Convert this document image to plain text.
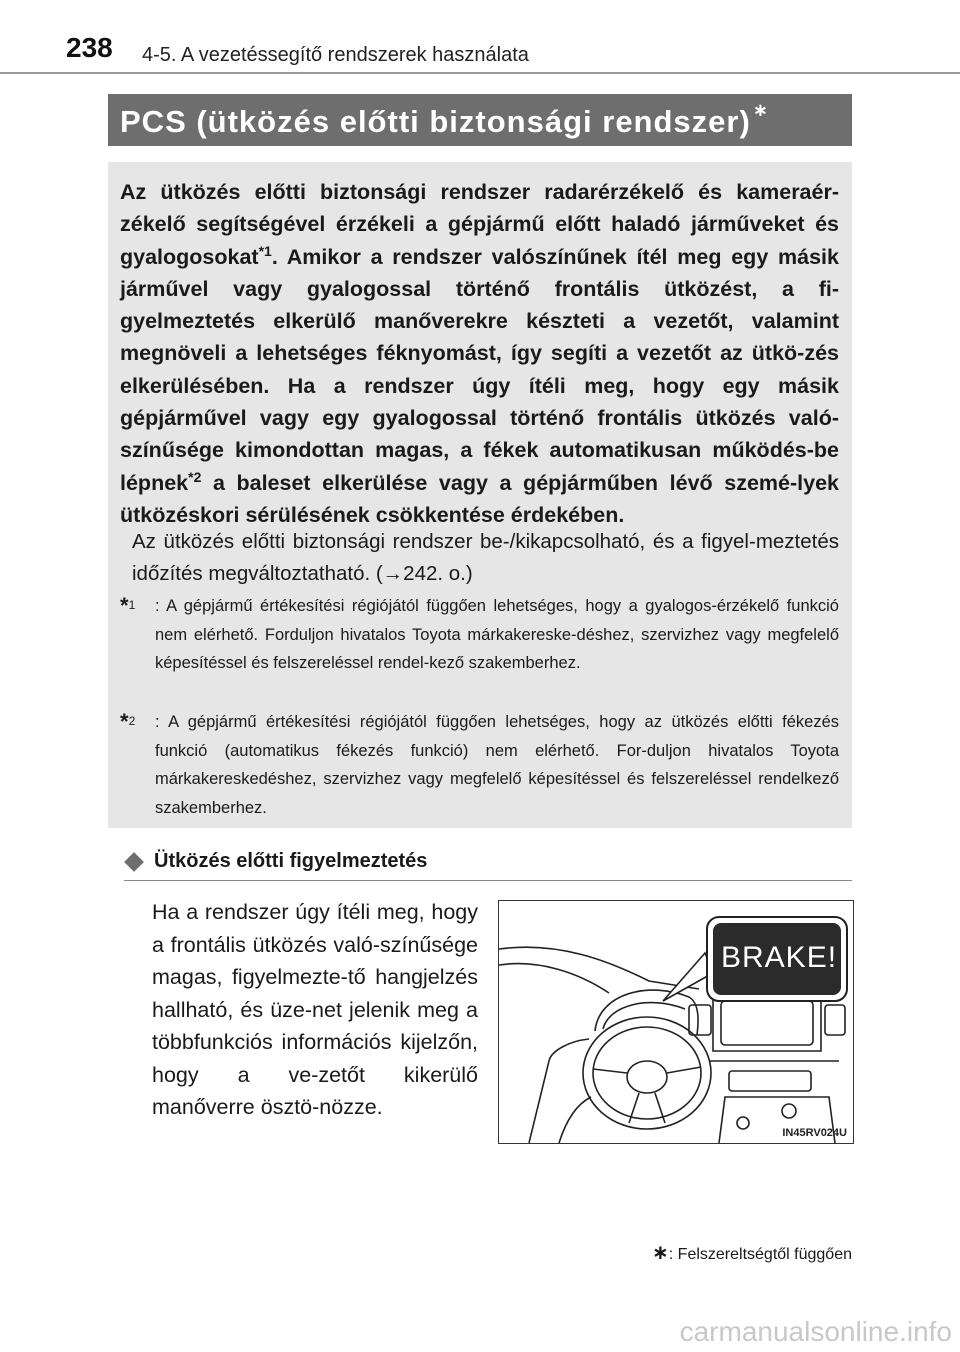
238 4-5. A vezetéssegítő rendszerek használata
PCS (ütközés előtti biztonsági rendszer) ∗
Az ütközés előtti biztonsági rendszer radarérzékelő és kameraér-zékelő segítségével érzékeli a gépjármű előtt haladó járműveket és gyalogosokat$^{*1}$. Amikor a rendszer valószínűnek ítél meg egy másik járművel vagy gyalogossal történő frontális ütközést, a fi-gyelmeztetés elkerülő manőverekre készteti a vezetőt, valamint megnöveli a lehetséges féknyomást, így segíti a vezetőt az ütkö-zés elkerülésében. Ha a rendszer úgy ítéli meg, hogy egy másik gépjárművel vagy egy gyalogossal történő frontális ütközés való-színűsége kimondottan magas, a fékek automatikusan működés-be lépnek$^{*2}$ a baleset elkerülése vagy a gépjárműben lévő szemé-lyek ütközéskori sérülésének csökkentése érdekében.
Az ütközés előtti biztonsági rendszer be-/kikapcsolható, és a figyel-meztetés időzítés megváltoztatható. (→242. o.)
*$^1$	: A gépjármű értékesítési régiójától függően lehetséges, hogy a gyalogos-érzékelő funkció nem elérhető. Forduljon hivatalos Toyota márkakereske-déshez, szervizhez vagy megfelelő képesítéssel és felszereléssel rendel-kező szakemberhez.
*$^2$	: A gépjármű értékesítési régiójától függően lehetséges, hogy az ütközés előtti fékezés funkció (automatikus fékezés funkció) nem elérhető. For-duljon hivatalos Toyota márkakereskedéshez, szervizhez vagy megfelelő képesítéssel és felszereléssel rendelkező szakemberhez.
Ütközés előtti figyelmeztetés
Ha a rendszer úgy ítéli meg, hogy a frontális ütközés való-színűsége magas, figyelmezte-tő hangjelzés hallható, és üze-net jelenik meg a többfunkciós információs kijelzőn, hogy a ve-zetőt kikerülő manőverre ösztö-nözze.
BRAKE!
IN45RV024U
∗: Felszereltségtől függően
carmanualsonline.info
